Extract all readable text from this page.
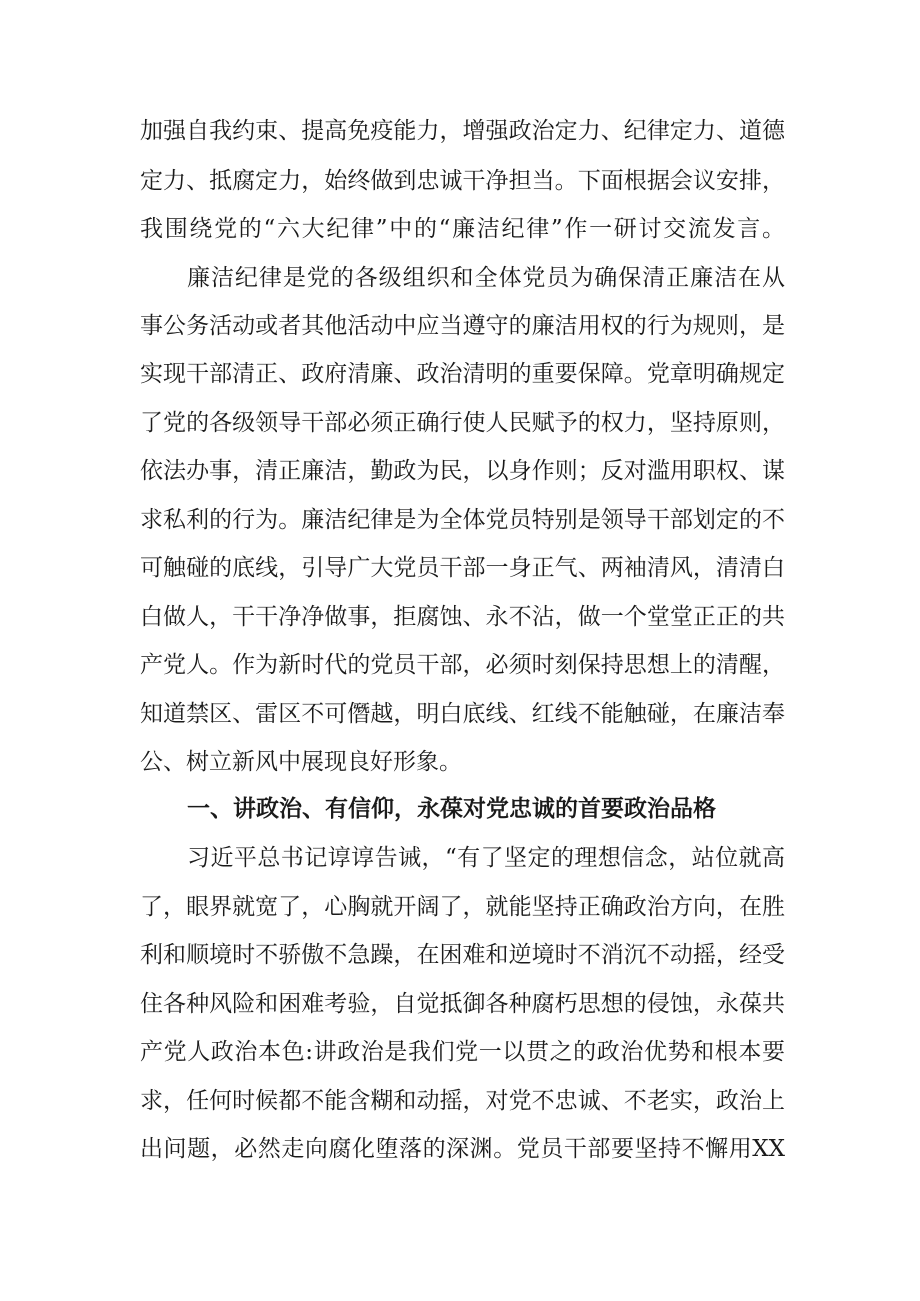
加强自我约束、提高免疫能力，增强政治定力、纪律定力、道德
定力、抵腐定力，始终做到忠诚干净担当。下面根据会议安排，
我围绕党的“六大纪律”中的“廉洁纪律”作一研讨交流发言。
廉洁纪律是党的各级组织和全体党员为确保清正廉洁在从
事公务活动或者其他活动中应当遵守的廉洁用权的行为规则，是
实现干部清正、政府清廉、政治清明的重要保障。党章明确规定
了党的各级领导干部必须正确行使人民赋予的权力，坚持原则，
依法办事，清正廉洁，勤政为民，以身作则；反对滥用职权、谋
求私利的行为。廉洁纪律是为全体党员特别是领导干部划定的不
可触碰的底线，引导广大党员干部一身正气、两袖清风，清清白
白做人，干干净净做事，拒腐蚀、永不沾，做一个堂堂正正的共
产党人。作为新时代的党员干部，必须时刻保持思想上的清醒，
知道禁区、雷区不可僭越，明白底线、红线不能触碰，在廉洁奉
公、树立新风中展现良好形象。
一、讲政治、有信仰，永葆对党忠诚的首要政治品格
习近平总书记谆谆告诫，“有了坚定的理想信念，站位就高
了，眼界就宽了，心胸就开阔了，就能坚持正确政治方向，在胜
利和顺境时不骄傲不急躁，在困难和逆境时不消沉不动摇，经受
住各种风险和困难考验，自觉抵御各种腐朽思想的侵蚀，永葆共
产党人政治本色:讲政治是我们党一以贯之的政治优势和根本要
求，任何时候都不能含糊和动摇，对党不忠诚、不老实，政治上
出问题，必然走向腐化堕落的深渊。党员干部要坚持不懈用XX
